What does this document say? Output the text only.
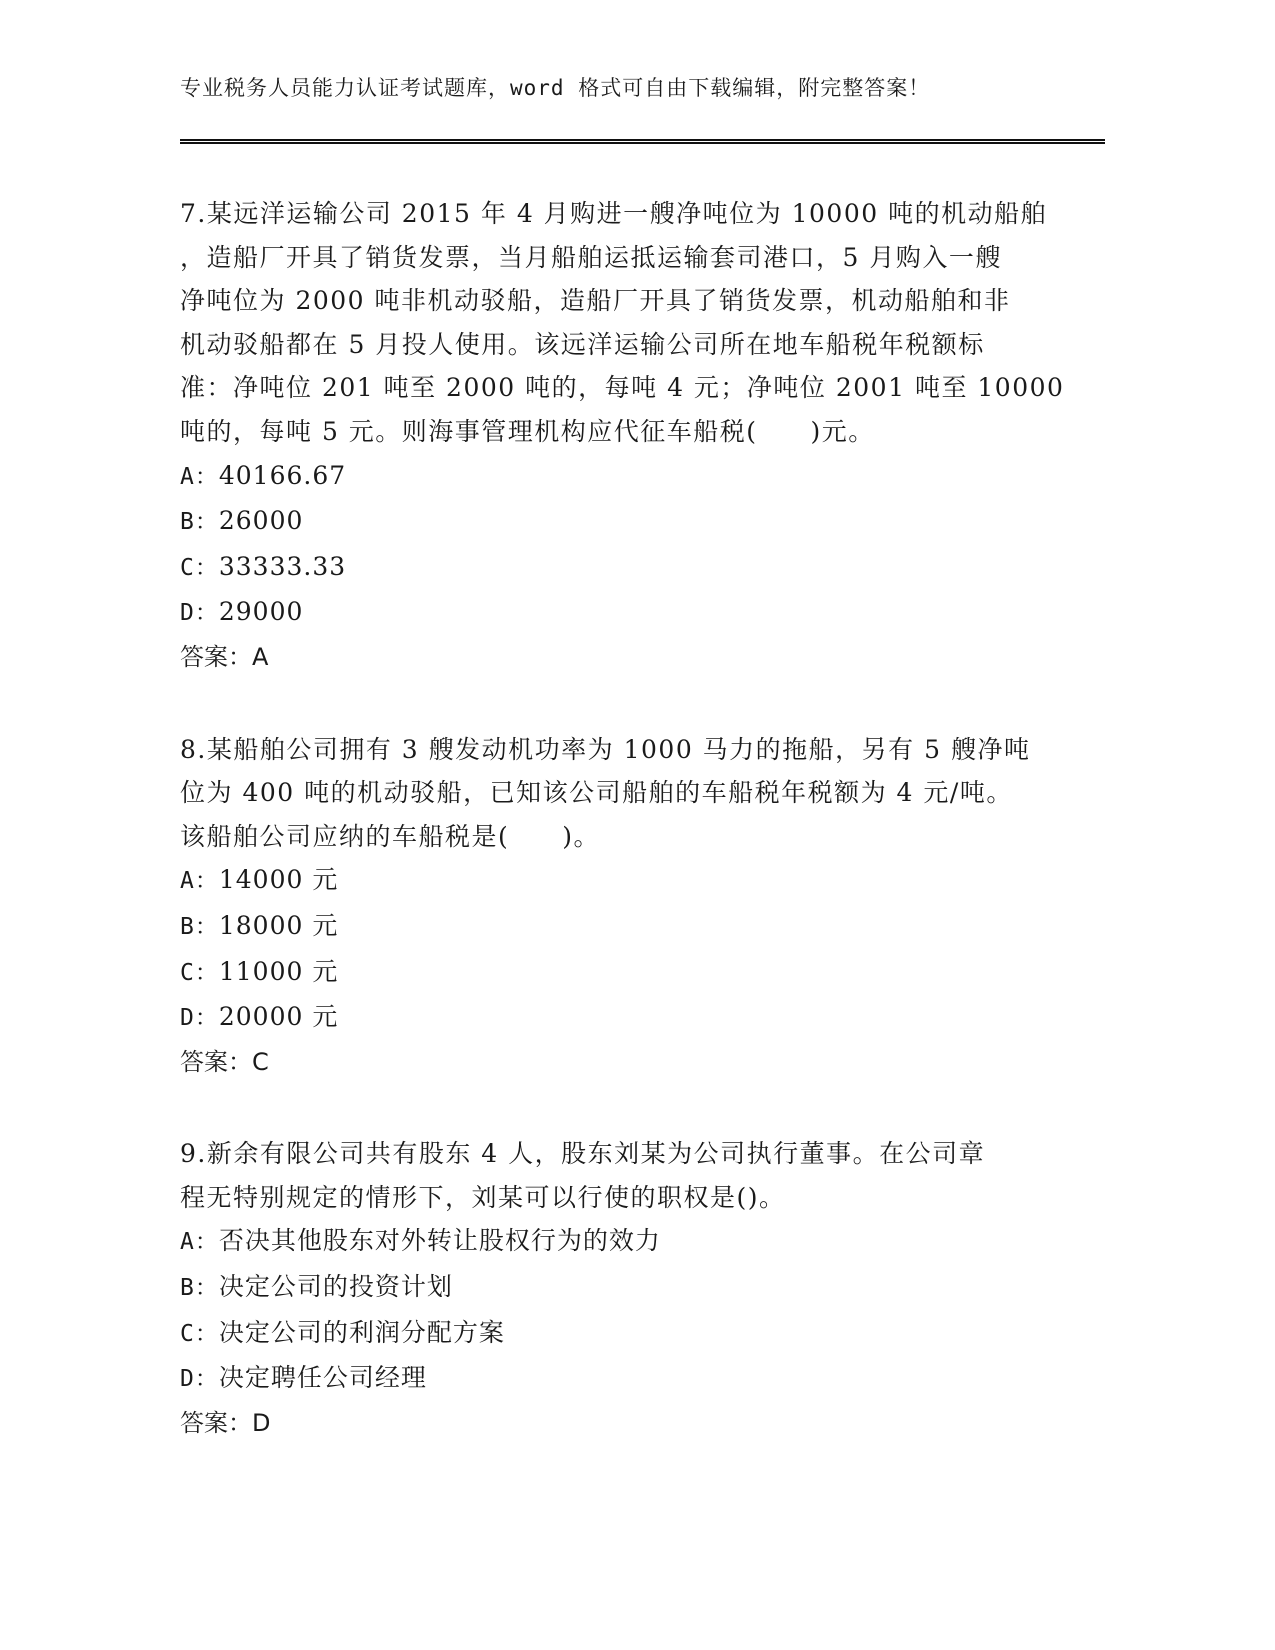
专业税务人员能力认证考试题库，word 格式可自由下载编辑，附完整答案！

7.某远洋运输公司 2015 年 4 月购进一艘净吨位为 10000 吨的机动船舶
，造船厂开具了销货发票，当月船舶运抵运输套司港口，5 月购入一艘
净吨位为 2000 吨非机动驳船，造船厂开具了销货发票，机动船舶和非
机动驳船都在 5 月投人使用。该远洋运输公司所在地车船税年税额标
准：净吨位 201 吨至 2000 吨的，每吨 4 元；净吨位 2001 吨至 10000
吨的，每吨 5 元。则海事管理机构应代征车船税(　　)元。

A：40166.67
B：26000
C：33333.33
D：29000
答案：A

8.某船舶公司拥有 3 艘发动机功率为 1000 马力的拖船，另有 5 艘净吨
位为 400 吨的机动驳船，已知该公司船舶的车船税年税额为 4 元/吨。
该船舶公司应纳的车船税是(　　)。

A：14000 元
B：18000 元
C：11000 元
D：20000 元
答案：C

9.新余有限公司共有股东 4 人，股东刘某为公司执行董事。在公司章
程无特别规定的情形下，刘某可以行使的职权是()。

A：否决其他股东对外转让股权行为的效力
B：决定公司的投资计划
C：决定公司的利润分配方案
D：决定聘任公司经理
答案：D
